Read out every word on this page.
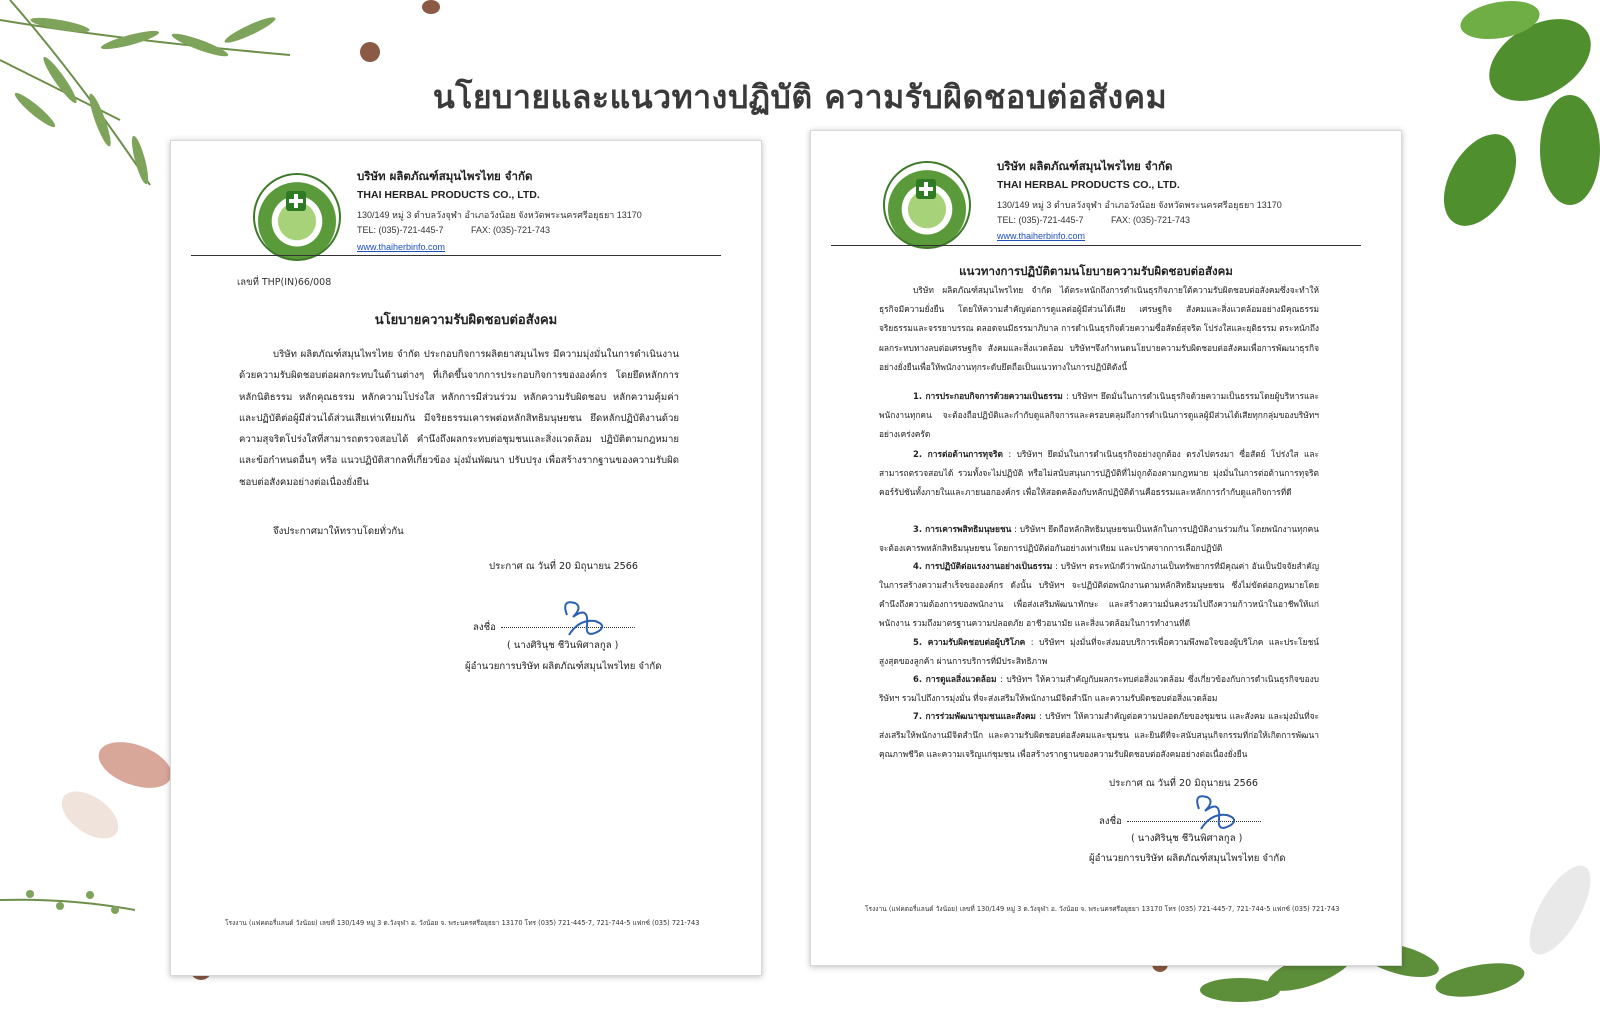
นโยบายและแนวทางปฏิบัติ ความรับผิดชอบต่อสังคม
บริษัท ผลิตภัณฑ์สมุนไพรไทย จำกัด
THAI HERBAL PRODUCTS CO., LTD.
130/149 หมู่ 3 ตำบลวังจุฬา อำเภอวังน้อย จังหวัดพระนครศรีอยุธยา 13170
TEL: (035)-721-445-7	FAX: (035)-721-743
www.thaiherbinfo.com
เลขที่ THP(IN)66/008
นโยบายความรับผิดชอบต่อสังคม
บริษัท ผลิตภัณฑ์สมุนไพรไทย จำกัด ประกอบกิจการผลิตยาสมุนไพร มีความมุ่งมั่นในการดำเนินงานด้วยความรับผิดชอบต่อผลกระทบในด้านต่างๆ ที่เกิดขึ้นจากการประกอบกิจการขององค์กร โดยยึดหลักการหลักนิติธรรม หลักคุณธรรม หลักความโปร่งใส หลักการมีส่วนร่วม หลักความรับผิดชอบ หลักความคุ้มค่า และปฏิบัติต่อผู้มีส่วนได้ส่วนเสียเท่าเทียมกัน มีจริยธรรมเคารพต่อหลักสิทธิมนุษยชน ยึดหลักปฏิบัติงานด้วยความสุจริตโปร่งใสที่สามารถตรวจสอบได้ คำนึงถึงผลกระทบต่อชุมชนและสิ่งแวดล้อม ปฏิบัติตามกฎหมายและข้อกำหนดอื่นๆ หรือ แนวปฏิบัติสากลที่เกี่ยวข้อง มุ่งมั่นพัฒนา ปรับปรุง เพื่อสร้างรากฐานของความรับผิดชอบต่อสังคมอย่างต่อเนื่องยั่งยืน
จึงประกาศมาให้ทราบโดยทั่วกัน
ประกาศ ณ วันที่ 20 มิถุนายน 2566
ลงชื่อ
( นางศิรินุช ชีวินพิศาลกูล )
ผู้อำนวยการบริษัท ผลิตภัณฑ์สมุนไพรไทย จำกัด
โรงงาน (แฟคตอรี่แลนด์ วังน้อย) เลขที่ 130/149 หมู่ 3 ต.วังจุฬา อ. วังน้อย จ. พระนครศรีอยุธยา 13170 โทร (035) 721-445-7, 721-744-5 แฟกซ์ (035) 721-743
บริษัท ผลิตภัณฑ์สมุนไพรไทย จำกัด
THAI HERBAL PRODUCTS CO., LTD.
130/149 หมู่ 3 ตำบลวังจุฬา อำเภอวังน้อย จังหวัดพระนครศรีอยุธยา 13170
TEL: (035)-721-445-7	FAX: (035)-721-743
www.thaiherbinfo.com
แนวทางการปฏิบัติตามนโยบายความรับผิดชอบต่อสังคม
บริษัท ผลิตภัณฑ์สมุนไพรไทย จำกัด ได้ตระหนักถึงการดำเนินธุรกิจภายใต้ความรับผิดชอบต่อสังคมซึ่งจะทำให้ธุรกิจมีความยั่งยืน โดยให้ความสำคัญต่อการดูแลต่อผู้มีส่วนได้เสีย เศรษฐกิจ สังคมและสิ่งแวดล้อมอย่างมีคุณธรรม จริยธรรมและจรรยาบรรณ ตลอดจนมีธรรมาภิบาล การดำเนินธุรกิจด้วยความซื่อสัตย์สุจริต โปร่งใสและยุติธรรม ตระหนักถึงผลกระทบทางลบต่อเศรษฐกิจ สังคมและสิ่งแวดล้อม บริษัทฯจึงกำหนดนโยบายความรับผิดชอบต่อสังคมเพื่อการพัฒนาธุรกิจอย่างยั่งยืนเพื่อให้พนักงานทุกระดับยึดถือเป็นแนวทางในการปฏิบัติดังนี้
1. การประกอบกิจการด้วยความเป็นธรรม : บริษัทฯ ยึดมั่นในการดำเนินธุรกิจด้วยความเป็นธรรมโดยผู้บริหารและพนักงานทุกคน จะต้องถือปฏิบัติและกำกับดูแลกิจการและครอบคลุมถึงการดำเนินการดูแลผู้มีส่วนได้เสียทุกกลุ่มของบริษัทฯ อย่างเคร่งครัด
2. การต่อต้านการทุจริต : บริษัทฯ ยึดมั่นในการดำเนินธุรกิจอย่างถูกต้อง ตรงไปตรงมา ซื่อสัตย์ โปร่งใส และสามารถตรวจสอบได้ รวมทั้งจะไม่ปฏิบัติ หรือไม่สนับสนุนการปฏิบัติที่ไม่ถูกต้องตามกฎหมาย มุ่งมั่นในการต่อต้านการทุจริตคอร์รัปชันทั้งภายในและภายนอกองค์กร เพื่อให้สอดคล้องกับหลักปฏิบัติด้านคือธรรมและหลักการกำกับดูแลกิจการที่ดี
3. การเคารพสิทธิมนุษยชน : บริษัทฯ ยึดถือหลักสิทธิมนุษยชนเป็นหลักในการปฏิบัติงานร่วมกัน โดยพนักงานทุกคนจะต้องเคารพหลักสิทธิมนุษยชน โดยการปฏิบัติต่อกันอย่างเท่าเทียม และปราศจากการเลือกปฏิบัติ
4. การปฏิบัติต่อแรงงานอย่างเป็นธรรม : บริษัทฯ ตระหนักดีว่าพนักงานเป็นทรัพยากรที่มีคุณค่า อันเป็นปัจจัยสำคัญในการสร้างความสำเร็จขององค์กร ดังนั้น บริษัทฯ จะปฏิบัติต่อพนักงานตามหลักสิทธิมนุษยชน ซึ่งไม่ขัดต่อกฎหมายโดยคำนึงถึงความต้องการของพนักงาน เพื่อส่งเสริมพัฒนาทักษะ และสร้างความมั่นคงรวมไปถึงความก้าวหน้าในอาชีพให้แก่พนักงาน รวมถึงมาตรฐานความปลอดภัย อาชีวอนามัย และสิ่งแวดล้อมในการทำงานที่ดี
5. ความรับผิดชอบต่อผู้บริโภค : บริษัทฯ มุ่งมั่นที่จะส่งมอบบริการเพื่อความพึงพอใจของผู้บริโภค และประโยชน์สูงสุดของลูกค้า ผ่านการบริการที่มีประสิทธิภาพ
6. การดูแลสิ่งแวดล้อม : บริษัทฯ ให้ความสำคัญกับผลกระทบต่อสิ่งแวดล้อม ซึ่งเกี่ยวข้องกับการดำเนินธุรกิจของบริษัทฯ รวมไปถึงการมุ่งมั่น ที่จะส่งเสริมให้พนักงานมีจิตสำนึก และความรับผิดชอบต่อสิ่งแวดล้อม
7. การร่วมพัฒนาชุมชนและสังคม : บริษัทฯ ให้ความสำคัญต่อความปลอดภัยของชุมชน และสังคม และมุ่งมั่นที่จะส่งเสริมให้พนักงานมีจิตสำนึก และความรับผิดชอบต่อสังคมและชุมชน และยินดีที่จะสนับสนุนกิจกรรมที่ก่อให้เกิดการพัฒนาคุณภาพชีวิต และความเจริญแก่ชุมชน เพื่อสร้างรากฐานของความรับผิดชอบต่อสังคมอย่างต่อเนื่องยั่งยืน
ประกาศ ณ วันที่ 20 มิถุนายน 2566
ลงชื่อ
( นางศิรินุช ชีวินพิศาลกูล )
ผู้อำนวยการบริษัท ผลิตภัณฑ์สมุนไพรไทย จำกัด
โรงงาน (แฟคตอรี่แลนด์ วังน้อย) เลขที่ 130/149 หมู่ 3 ต.วังจุฬา อ. วังน้อย จ. พระนครศรีอยุธยา 13170 โทร (035) 721-445-7, 721-744-5 แฟกซ์ (035) 721-743
